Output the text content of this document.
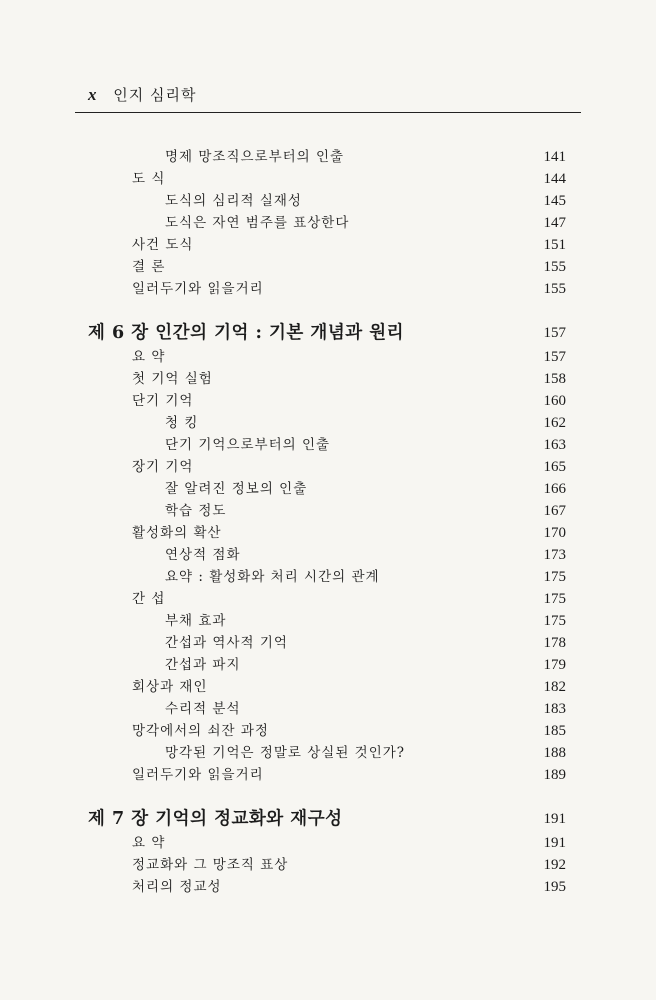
x 인지 심리학
명제 망조직으로부터의 인출	141
도 식	144
도식의 심리적 실재성	145
도식은 자연 범주를 표상한다	147
사건 도식	151
결 론	155
일러두기와 읽을거리	155
제 6 장 인간의 기억 : 기본 개념과 원리	157
요 약	157
첫 기억 실험	158
단기 기억	160
청 킹	162
단기 기억으로부터의 인출	163
장기 기억	165
잘 알려진 정보의 인출	166
학습 정도	167
활성화의 확산	170
연상적 점화	173
요약 : 활성화와 처리 시간의 관계	175
간 섭	175
부채 효과	175
간섭과 역사적 기억	178
간섭과 파지	179
회상과 재인	182
수리적 분석	183
망각에서의 쇠잔 과정	185
망각된 기억은 정말로 상실된 것인가?	188
일러두기와 읽을거리	189
제 7 장 기억의 정교화와 재구성	191
요 약	191
정교화와 그 망조직 표상	192
처리의 정교성	195
